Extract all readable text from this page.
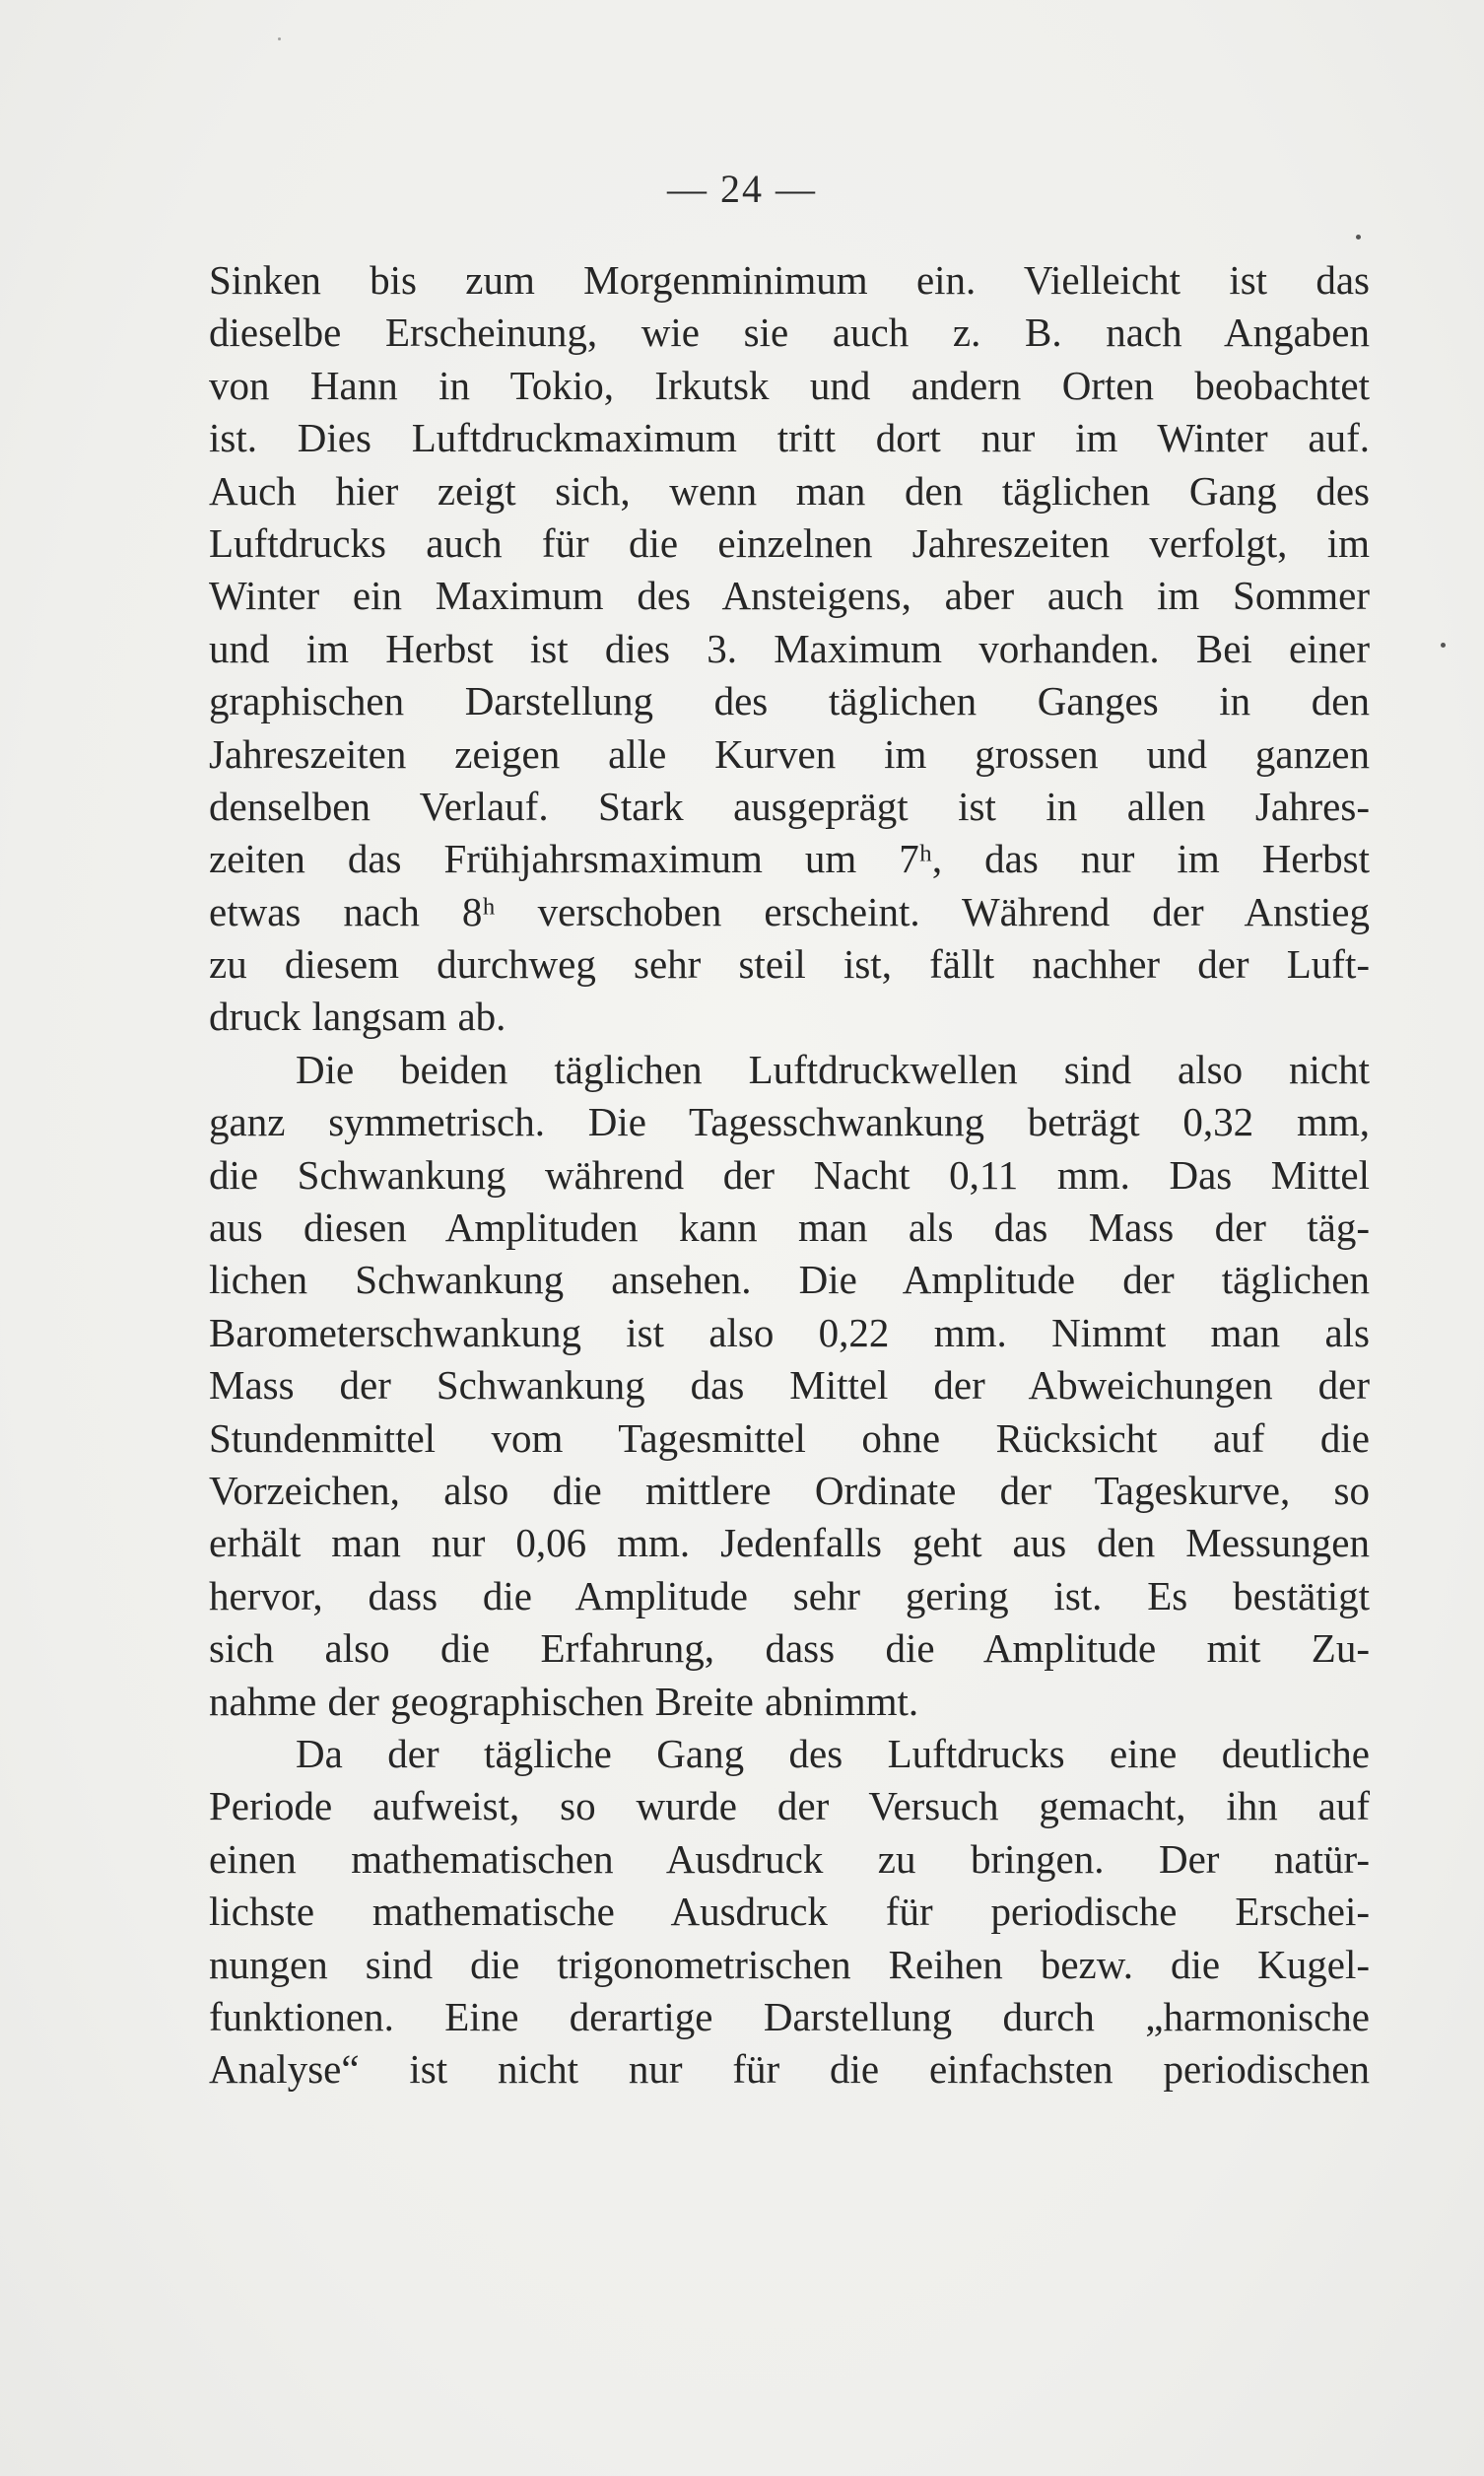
— 24 —
Sinken bis zum Morgenminimum ein. Vielleicht ist das
dieselbe Erscheinung, wie sie auch z. B. nach Angaben
von Hann in Tokio, Irkutsk und andern Orten beobachtet
ist. Dies Luftdruckmaximum tritt dort nur im Winter auf.
Auch hier zeigt sich, wenn man den täglichen Gang des
Luftdrucks auch für die einzelnen Jahreszeiten verfolgt, im
Winter ein Maximum des Ansteigens, aber auch im Sommer
und im Herbst ist dies 3. Maximum vorhanden. Bei einer
graphischen Darstellung des täglichen Ganges in den
Jahreszeiten zeigen alle Kurven im grossen und ganzen
denselben Verlauf. Stark ausgeprägt ist in allen Jahres-
zeiten das Frühjahrsmaximum um 7ʰ, das nur im Herbst
etwas nach 8ʰ verschoben erscheint. Während der Anstieg
zu diesem durchweg sehr steil ist, fällt nachher der Luft-
druck langsam ab.
Die beiden täglichen Luftdruckwellen sind also nicht
ganz symmetrisch. Die Tagesschwankung beträgt 0,32 mm,
die Schwankung während der Nacht 0,11 mm. Das Mittel
aus diesen Amplituden kann man als das Mass der täg-
lichen Schwankung ansehen. Die Amplitude der täglichen
Barometerschwankung ist also 0,22 mm. Nimmt man als
Mass der Schwankung das Mittel der Abweichungen der
Stundenmittel vom Tagesmittel ohne Rücksicht auf die
Vorzeichen, also die mittlere Ordinate der Tageskurve, so
erhält man nur 0,06 mm. Jedenfalls geht aus den Messungen
hervor, dass die Amplitude sehr gering ist. Es bestätigt
sich also die Erfahrung, dass die Amplitude mit Zu-
nahme der geographischen Breite abnimmt.
Da der tägliche Gang des Luftdrucks eine deutliche
Periode aufweist, so wurde der Versuch gemacht, ihn auf
einen mathematischen Ausdruck zu bringen. Der natür-
lichste mathematische Ausdruck für periodische Erschei-
nungen sind die trigonometrischen Reihen bezw. die Kugel-
funktionen. Eine derartige Darstellung durch „harmonische
Analyse“ ist nicht nur für die einfachsten periodischen
